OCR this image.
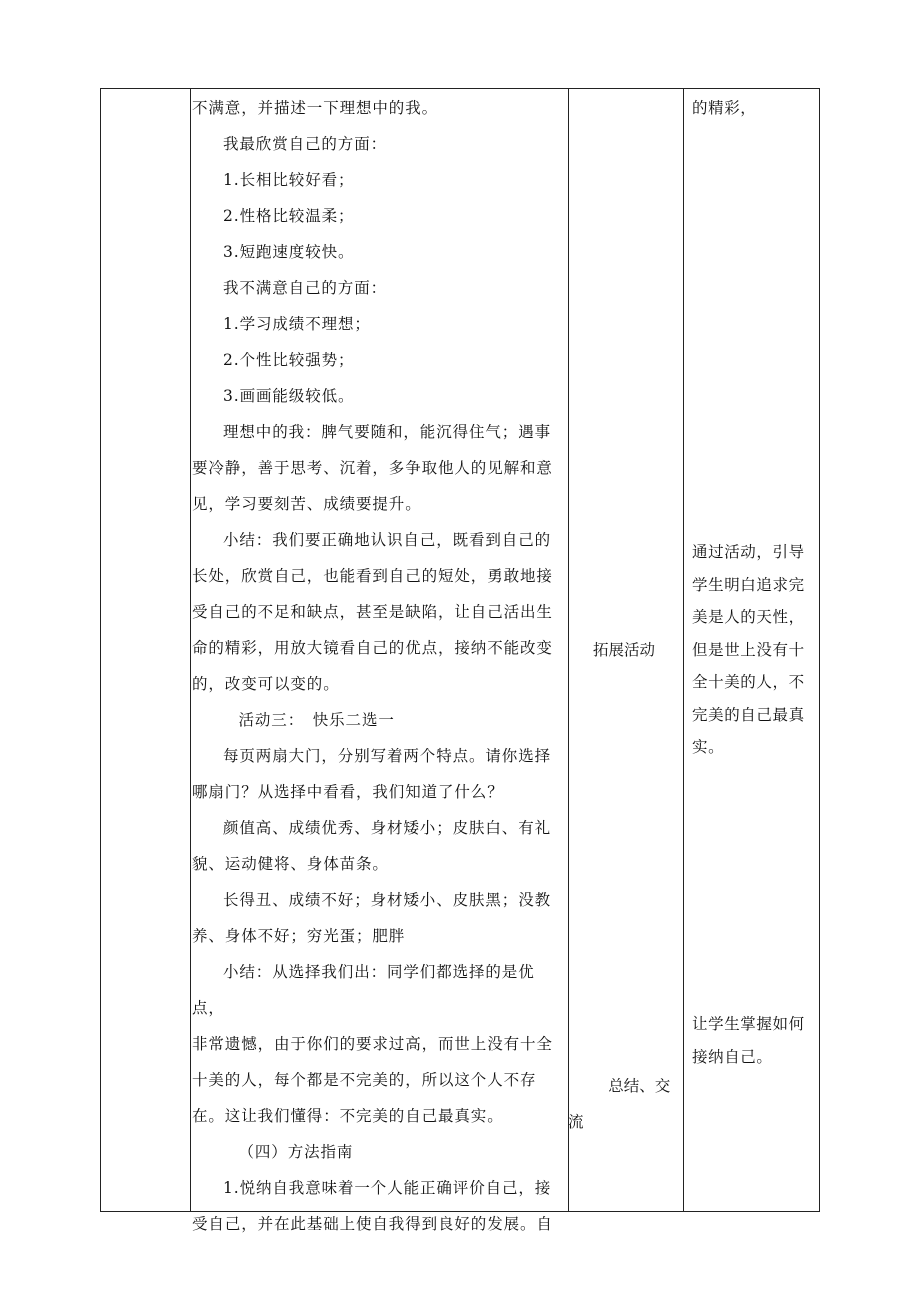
不满意，并描述一下理想中的我。

我最欣赏自己的方面：

1.长相比较好看；

2.性格比较温柔；

3.短跑速度较快。

我不满意自己的方面：

1.学习成绩不理想；

2.个性比较强势；

3.画画能级较低。

理想中的我：脾气要随和，能沉得住气；遇事要冷静，善于思考、沉着，多争取他人的见解和意见，学习要刻苦、成绩要提升。

小结：我们要正确地认识自己，既看到自己的长处，欣赏自己，也能看到自己的短处，勇敢地接受自己的不足和缺点，甚至是缺陷，让自己活出生命的精彩，用放大镜看自己的优点，接纳不能改变的，改变可以变的。

活动三：　快乐二选一

每页两扇大门，分别写着两个特点。请你选择哪扇门？从选择中看看，我们知道了什么？

颜值高、成绩优秀、身材矮小；皮肤白、有礼貌、运动健将、身体苗条。

长得丑、成绩不好；身材矮小、皮肤黑；没教养、身体不好；穷光蛋；肥胖

小结：从选择我们出：同学们都选择的是优点，

非常遗憾，由于你们的要求过高，而世上没有十全十美的人，每个都是不完美的，所以这个人不存在。这让我们懂得：不完美的自己最真实。

（四）方法指南

1.悦纳自我意味着一个人能正确评价自己，接受自己，并在此基础上使自我得到良好的发展。自

拓展活动
总结、交流

的精彩，

通过活动，引导学生明白追求完美是人的天性，但是世上没有十全十美的人，不完美的自己最真实。

让学生掌握如何接纳自己。
